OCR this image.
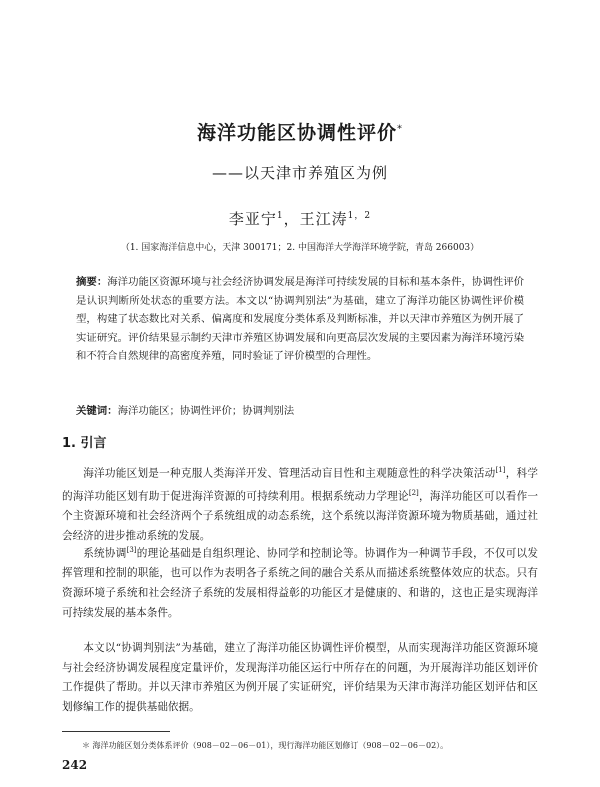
海洋功能区协调性评价*
——以天津市养殖区为例
李亚宁$^1$，王江涛$^{1,2}$
（1. 国家海洋信息中心，天津 300171；2. 中国海洋大学海洋环境学院，青岛 266003）
摘要：海洋功能区资源环境与社会经济协调发展是海洋可持续发展的目标和基本条件，协调性评价是认识判断所处状态的重要方法。本文以“协调判别法”为基础，建立了海洋功能区协调性评价模型，构建了状态数比对关系、偏离度和发展度分类体系及判断标准，并以天津市养殖区为例开展了实证研究。评价结果显示制约天津市养殖区协调发展和向更高层次发展的主要因素为海洋环境污染和不符合自然规律的高密度养殖，同时验证了评价模型的合理性。
关键词：海洋功能区；协调性评价；协调判别法
1. 引言
海洋功能区划是一种克服人类海洋开发、管理活动盲目性和主观随意性的科学决策活动[1]，科学的海洋功能区划有助于促进海洋资源的可持续利用。根据系统动力学理论[2]，海洋功能区可以看作一个主资源环境和社会经济两个子系统组成的动态系统，这个系统以海洋资源环境为物质基础，通过社会经济的进步推动系统的发展。
系统协调[3]的理论基础是自组织理论、协同学和控制论等。协调作为一种调节手段，不仅可以发挥管理和控制的职能，也可以作为表明各子系统之间的融合关系从而描述系统整体效应的状态。只有资源环境子系统和社会经济子系统的发展相得益彰的功能区才是健康的、和谐的，这也正是实现海洋可持续发展的基本条件。
本文以“协调判别法”为基础，建立了海洋功能区协调性评价模型，从而实现海洋功能区资源环境与社会经济协调发展程度定量评价，发现海洋功能区运行中所存在的问题，为开展海洋功能区划评价工作提供了帮助。并以天津市养殖区为例开展了实证研究，评价结果为天津市海洋功能区划评估和区划修编工作的提供基础依据。
＊ 海洋功能区划分类体系评价（908－02－06－01），现行海洋功能区划修订（908－02－06－02）。
242
